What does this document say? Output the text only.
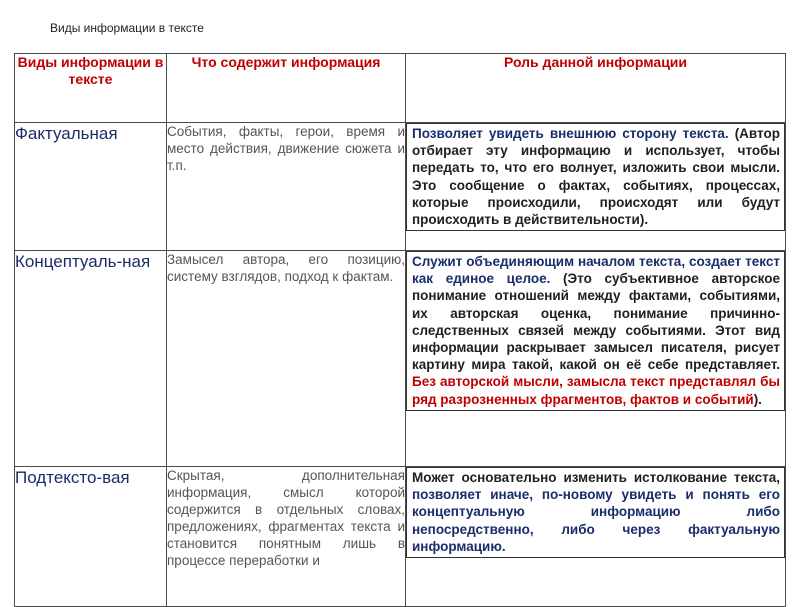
Виды информации в тексте
Виды информации в тексте	Что содержит информация	Роль данной информации
Фактуальная	События, факты, герои, время и место действия, движение сюжета и т.п.	Позволяет увидеть внешнюю сторону текста. (Автор отбирает эту информацию и использует, чтобы передать то, что его волнует, изложить свои мысли. Это сообщение о фактах, событиях, процессах, которые происходили, происходят или будут происходить в действительности).

Концептуаль-ная	Замысел автора, его позицию, систему взглядов, подход к фактам.	Служит объединяющим началом текста, создает текст как единое целое. (Это субъективное авторское понимание отношений между фактами, событиями, их авторская оценка, понимание причинно-следственных связей между событиями. Этот вид информации раскрывает замысел писателя, рисует картину мира такой, какой он её себе представляет. Без авторской мысли, замысла текст представлял бы ряд разрозненных фрагментов, фактов и событий).

Подтексто-вая	Скрытая, дополнительная информация, смысл которой содержится в отдельных словах, предложениях, фрагментах текста и становится понятным лишь в процессе переработки и	Может основательно изменить истолкование текста, позволяет иначе, по-новому увидеть и понять его концептуальную информацию либо непосредственно, либо через фактуальную информацию.
